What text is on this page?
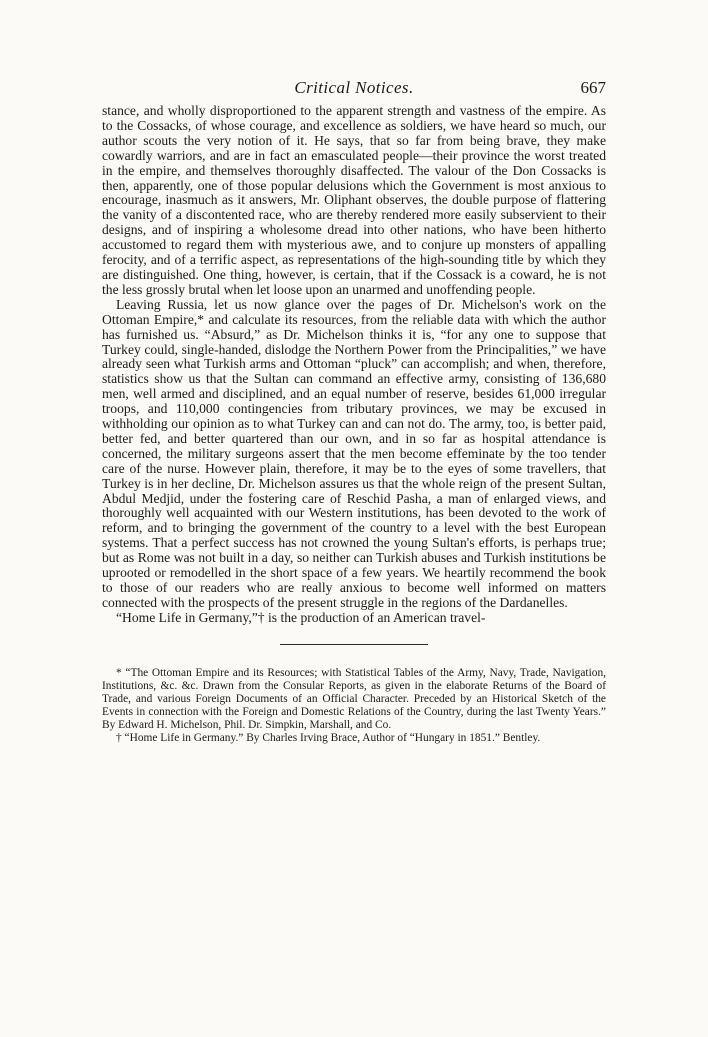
Critical Notices.	667

stance, and wholly disproportioned to the apparent strength and vastness of the empire. As to the Cossacks, of whose courage, and excellence as soldiers, we have heard so much, our author scouts the very notion of it. He says, that so far from being brave, they make cowardly warriors, and are in fact an emasculated people—their province the worst treated in the empire, and themselves thoroughly disaffected. The valour of the Don Cossacks is then, apparently, one of those popular delusions which the Government is most anxious to encourage, inasmuch as it answers, Mr. Oliphant observes, the double purpose of flattering the vanity of a discontented race, who are thereby rendered more easily subservient to their designs, and of inspiring a wholesome dread into other nations, who have been hitherto accustomed to regard them with mysterious awe, and to conjure up monsters of appalling ferocity, and of a terrific aspect, as representations of the high-sounding title by which they are distinguished. One thing, however, is certain, that if the Cossack is a coward, he is not the less grossly brutal when let loose upon an unarmed and unoffending people.

Leaving Russia, let us now glance over the pages of Dr. Michelson's work on the Ottoman Empire,* and calculate its resources, from the reliable data with which the author has furnished us. “Absurd,” as Dr. Michelson thinks it is, “for any one to suppose that Turkey could, single-handed, dislodge the Northern Power from the Principalities,” we have already seen what Turkish arms and Ottoman “pluck” can accomplish; and when, therefore, statistics show us that the Sultan can command an effective army, consisting of 136,680 men, well armed and disciplined, and an equal number of reserve, besides 61,000 irregular troops, and 110,000 contingencies from tributary provinces, we may be excused in withholding our opinion as to what Turkey can and can not do. The army, too, is better paid, better fed, and better quartered than our own, and in so far as hospital attendance is concerned, the military surgeons assert that the men become effeminate by the too tender care of the nurse. However plain, therefore, it may be to the eyes of some travellers, that Turkey is in her decline, Dr. Michelson assures us that the whole reign of the present Sultan, Abdul Medjid, under the fostering care of Reschid Pasha, a man of enlarged views, and thoroughly well acquainted with our Western institutions, has been devoted to the work of reform, and to bringing the government of the country to a level with the best European systems. That a perfect success has not crowned the young Sultan's efforts, is perhaps true; but as Rome was not built in a day, so neither can Turkish abuses and Turkish institutions be uprooted or remodelled in the short space of a few years. We heartily recommend the book to those of our readers who are really anxious to become well informed on matters connected with the prospects of the present struggle in the regions of the Dardanelles.

“Home Life in Germany,”† is the production of an American travel-

* “The Ottoman Empire and its Resources; with Statistical Tables of the Army, Navy, Trade, Navigation, Institutions, &c. &c. Drawn from the Consular Reports, as given in the elaborate Returns of the Board of Trade, and various Foreign Documents of an Official Character. Preceded by an Historical Sketch of the Events in connection with the Foreign and Domestic Relations of the Country, during the last Twenty Years.” By Edward H. Michelson, Phil. Dr. Simpkin, Marshall, and Co.

† “Home Life in Germany.” By Charles Irving Brace, Author of “Hungary in 1851.” Bentley.
